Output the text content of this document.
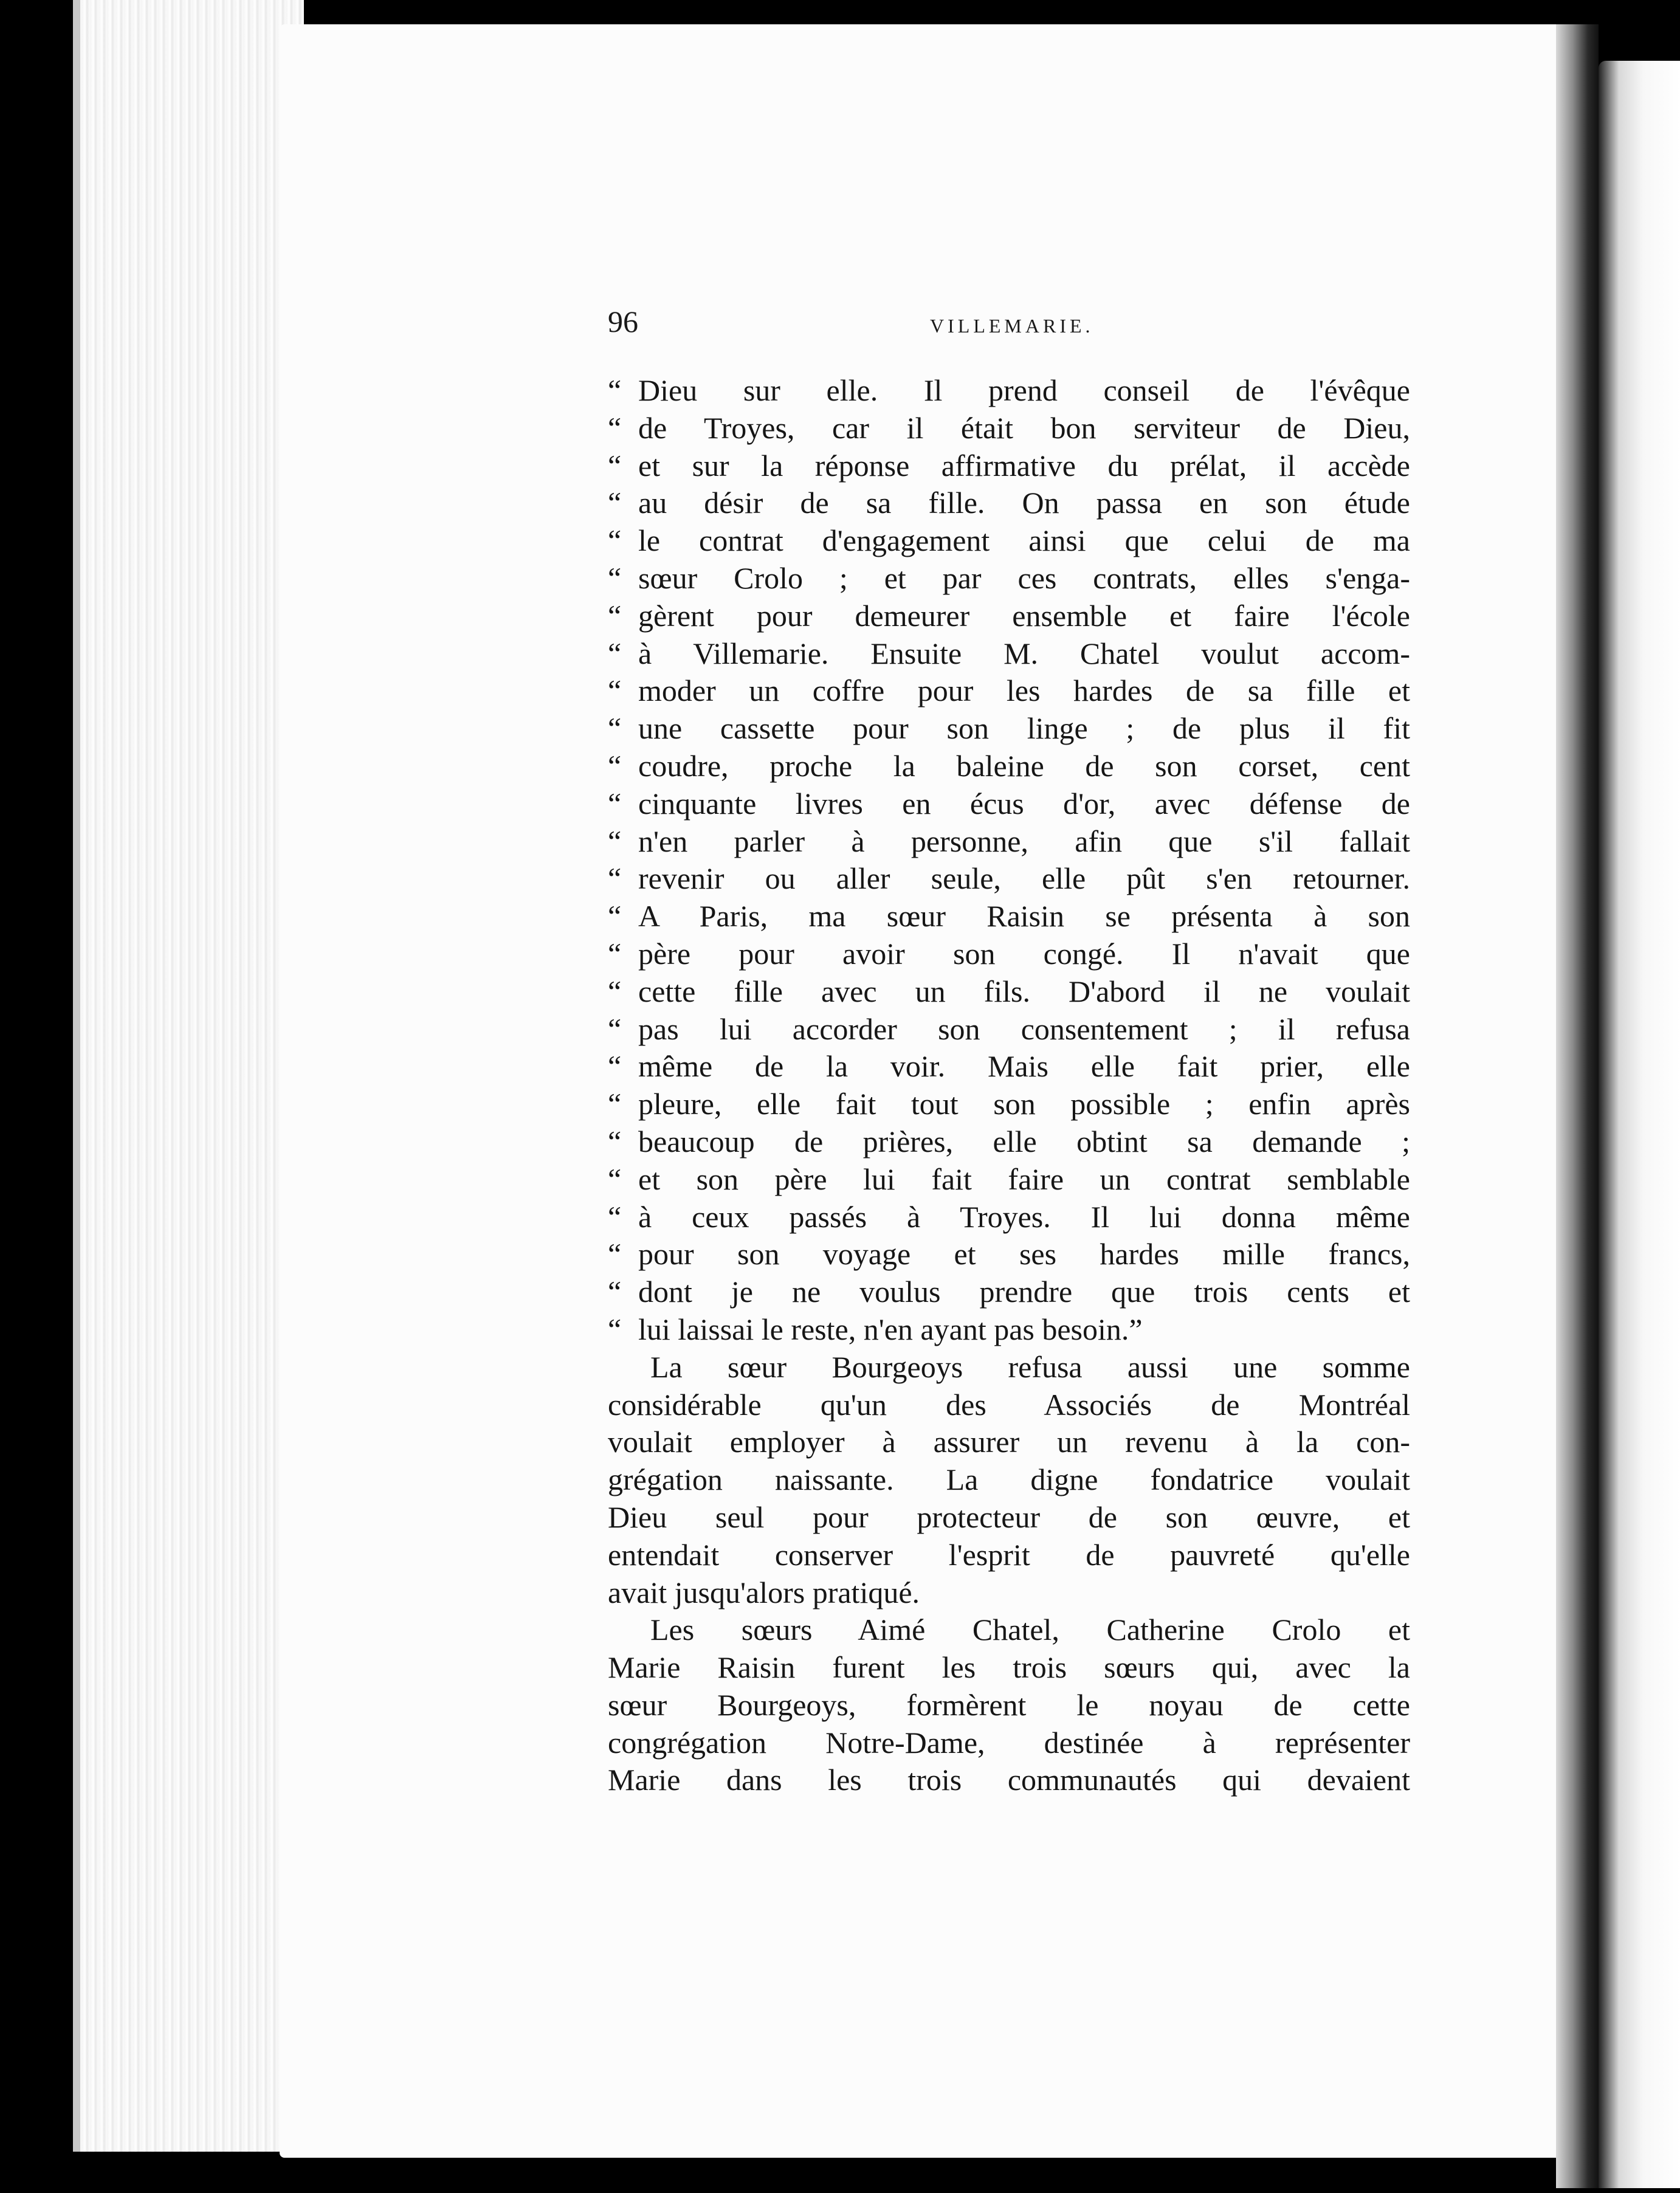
96	VILLEMARIE.
“ Dieu sur elle. Il prend conseil de l'évêque
“ de Troyes, car il était bon serviteur de Dieu,
“ et sur la réponse affirmative du prélat, il accède
“ au désir de sa fille. On passa en son étude
“ le contrat d'engagement ainsi que celui de ma
“ sœur Crolo ; et par ces contrats, elles s'enga-
“ gèrent pour demeurer ensemble et faire l'école
“ à Villemarie. Ensuite M. Chatel voulut accom-
“ moder un coffre pour les hardes de sa fille et
“ une cassette pour son linge ; de plus il fit
“ coudre, proche la baleine de son corset, cent
“ cinquante livres en écus d'or, avec défense de
“ n'en parler à personne, afin que s'il fallait
“ revenir ou aller seule, elle pût s'en retourner.
“ A Paris, ma sœur Raisin se présenta à son
“ père pour avoir son congé. Il n'avait que
“ cette fille avec un fils. D'abord il ne voulait
“ pas lui accorder son consentement ; il refusa
“ même de la voir. Mais elle fait prier, elle
“ pleure, elle fait tout son possible ; enfin après
“ beaucoup de prières, elle obtint sa demande ;
“ et son père lui fait faire un contrat semblable
“ à ceux passés à Troyes. Il lui donna même
“ pour son voyage et ses hardes mille francs,
“ dont je ne voulus prendre que trois cents et
“ lui laissai le reste, n'en ayant pas besoin.”
La sœur Bourgeoys refusa aussi une somme
considérable qu'un des Associés de Montréal
voulait employer à assurer un revenu à la con-
grégation naissante. La digne fondatrice voulait
Dieu seul pour protecteur de son œuvre, et
entendait conserver l'esprit de pauvreté qu'elle
avait jusqu'alors pratiqué.
Les sœurs Aimé Chatel, Catherine Crolo et
Marie Raisin furent les trois sœurs qui, avec la
sœur Bourgeoys, formèrent le noyau de cette
congrégation Notre-Dame, destinée à représenter
Marie dans les trois communautés qui devaient
